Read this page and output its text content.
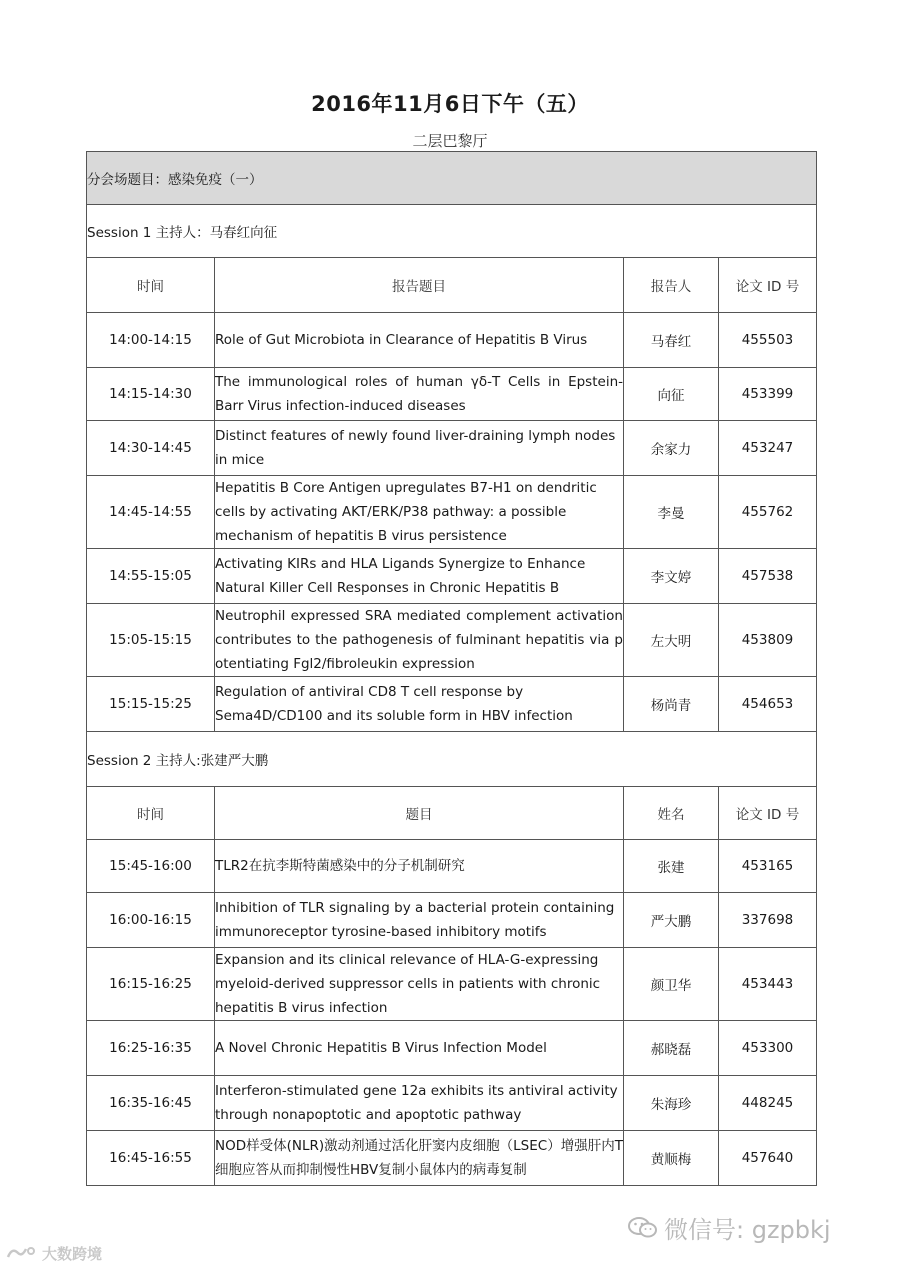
2016年11月6日下午（五）
二层巴黎厅
分会场题目：感染免疫（一）			
Session 1 主持人：马春红向征			
时间	报告题目	报告人	论文 ID 号
14:00-14:15	Role of Gut Microbiota in Clearance of Hepatitis B Virus	马春红	455503
14:15-14:30	The immunological roles of human γδ-T Cells in Epstein-Barr Virus infection-induced diseases	向征	453399
14:30-14:45	Distinct features of newly found liver-draining lymph nodes in mice	余家力	453247
14:45-14:55	Hepatitis B Core Antigen upregulates B7-H1 on dendritic cells by activating AKT/ERK/P38 pathway: a possible mechanism of hepatitis B virus persistence	李曼	455762
14:55-15:05	Activating KIRs and HLA Ligands Synergize to Enhance Natural Killer Cell Responses in Chronic Hepatitis B	李文婷	457538
15:05-15:15	Neutrophil expressed SRA mediated complement activation contributes to the pathogenesis of fulminant hepatitis via potentiating Fgl2/fibroleukin expression	左大明	453809
15:15-15:25	Regulation of antiviral CD8 T cell response by Sema4D/CD100 and its soluble form in HBV infection	杨尚青	454653
Session 2 主持人:张建严大鹏			
时间	题目	姓名	论文 ID 号
15:45-16:00	TLR2在抗李斯特菌感染中的分子机制研究	张建	453165
16:00-16:15	Inhibition of TLR signaling by a bacterial protein containing immunoreceptor tyrosine-based inhibitory motifs	严大鹏	337698
16:15-16:25	Expansion and its clinical relevance of HLA-G-expressing myeloid-derived suppressor cells in patients with chronic hepatitis B virus infection	颜卫华	453443
16:25-16:35	A Novel Chronic Hepatitis B Virus Infection Model	郝晓磊	453300
16:35-16:45	Interferon-stimulated gene 12a exhibits its antiviral activity through nonapoptotic and apoptotic pathway	朱海珍	448245
16:45-16:55	NOD样受体(NLR)激动剂通过活化肝窦内皮细胞（LSEC）增强肝内T细胞应答从而抑制慢性HBV复制小鼠体内的病毒复制	黄顺梅	457640
微信号: gzpbkj
大数跨境
